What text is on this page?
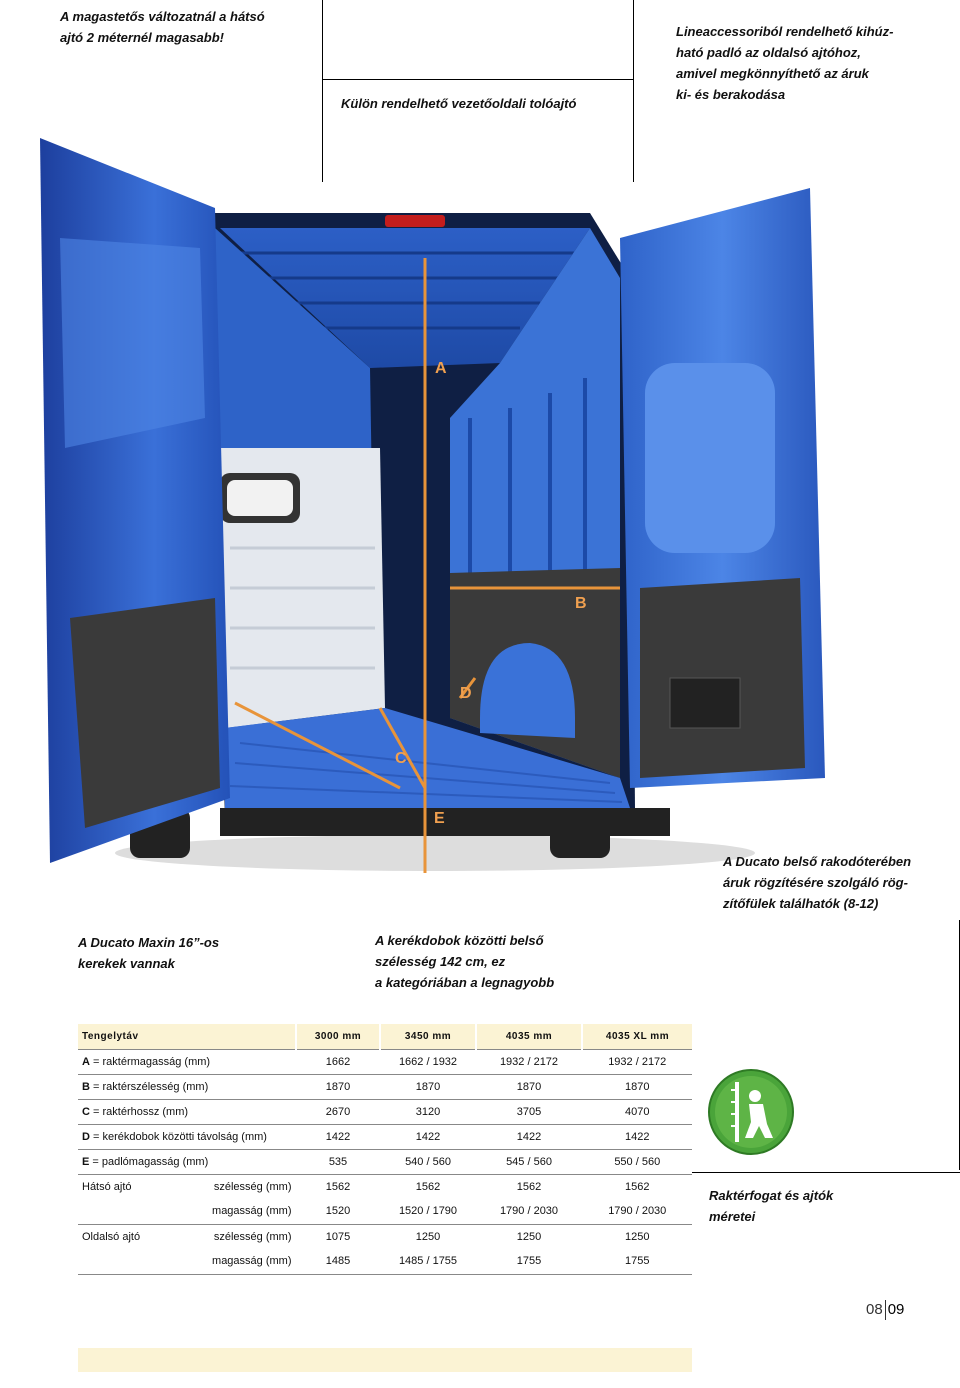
A magastetős változatnál a hátsó
ajtó 2 méternél magasabb!
Külön rendelhető vezetőoldali tolóajtó
Lineaccessoriból rendelhető kihúz-
ható padló az oldalsó ajtóhoz,
amivel megkönnyíthető az áruk
ki- és berakodása
A
B
C
D
E
A Ducato belső rakodóterében
áruk rögzítésére szolgáló rög-
zítőfülek találhatók (8-12)
A Ducato Maxin 16”-os
kerekek vannak
A kerékdobok közötti belső
szélesség 142 cm, ez
a kategóriában a legnagyobb
Tengelytáv	3000 mm	3450 mm	4035 mm	4035 XL mm
A = raktérmagasság (mm)	1662	1662 / 1932	1932 / 2172	1932 / 2172
B = raktérszélesség (mm)	1870	1870	1870	1870
C = raktérhossz (mm)	2670	3120	3705	4070
D = kerékdobok közötti távolság (mm)	1422	1422	1422	1422
E = padlómagasság (mm)	535	540 / 560	545 / 560	550 / 560
Hátsó ajtó szélesség (mm)	1562	1562	1562	1562
magasság (mm)	1520	1520 / 1790	1790 / 2030	1790 / 2030
Oldalsó ajtó szélesség (mm)	1075	1250	1250	1250
magasság (mm)	1485	1485 / 1755	1755	1755
Raktérfogat és ajtók
méretei
08 09
